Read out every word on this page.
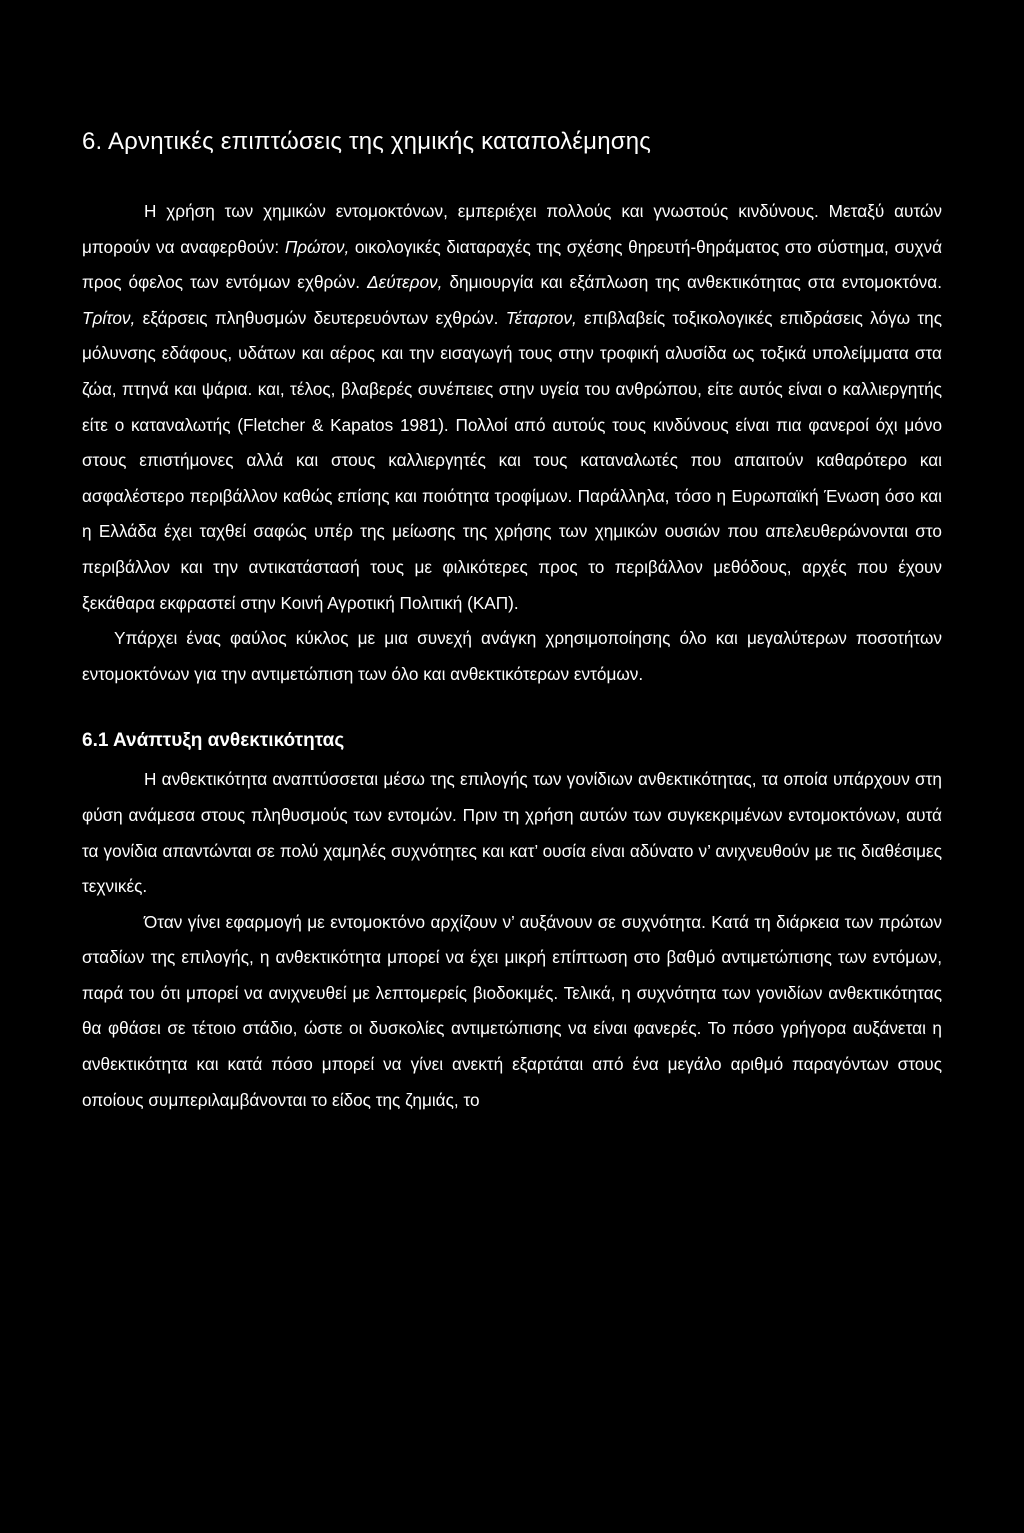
6. Αρνητικές επιπτώσεις της χημικής καταπολέμησης

Η χρήση των χημικών εντομοκτόνων, εμπεριέχει πολλούς και γνωστούς κινδύνους. Μεταξύ αυτών μπορούν να αναφερθούν: Πρώτον, οικολογικές διαταραχές της σχέσης θηρευτή-θηράματος στο σύστημα, συχνά προς όφελος των εντόμων εχθρών. Δεύτερον, δημιουργία και εξάπλωση της ανθεκτικότητας στα εντομοκτόνα. Τρίτον, εξάρσεις πληθυσμών δευτερευόντων εχθρών. Τέταρτον, επιβλαβείς τοξικολογικές επιδράσεις λόγω της μόλυνσης εδάφους, υδάτων και αέρος και την εισαγωγή τους στην τροφική αλυσίδα ως τοξικά υπολείμματα στα ζώα, πτηνά και ψάρια. και, τέλος, βλαβερές συνέπειες στην υγεία του ανθρώπου, είτε αυτός είναι ο καλλιεργητής είτε ο καταναλωτής (Fletcher & Kapatos 1981). Πολλοί από αυτούς τους κινδύνους είναι πια φανεροί όχι μόνο στους επιστήμονες αλλά και στους καλλιεργητές και τους καταναλωτές που απαιτούν καθαρότερο και ασφαλέστερο περιβάλλον καθώς επίσης και ποιότητα τροφίμων. Παράλληλα, τόσο η Ευρωπαϊκή Ένωση όσο και η Ελλάδα έχει ταχθεί σαφώς υπέρ της μείωσης της χρήσης των χημικών ουσιών που απελευθερώνονται στο περιβάλλον και την αντικατάστασή τους με φιλικότερες προς το περιβάλλον μεθόδους, αρχές που έχουν ξεκάθαρα εκφραστεί στην Κοινή Αγροτική Πολιτική (ΚΑΠ).

Υπάρχει ένας φαύλος κύκλος με μια συνεχή ανάγκη χρησιμοποίησης όλο και μεγαλύτερων ποσοτήτων εντομοκτόνων για την αντιμετώπιση των όλο και ανθεκτικότερων εντόμων.

6.1 Ανάπτυξη ανθεκτικότητας

Η ανθεκτικότητα αναπτύσσεται μέσω της επιλογής των γονίδιων ανθεκτικότητας, τα οποία υπάρχουν στη φύση ανάμεσα στους πληθυσμούς των εντομών. Πριν τη χρήση αυτών των συγκεκριμένων εντομοκτόνων, αυτά τα γονίδια απαντώνται σε πολύ χαμηλές συχνότητες και κατ’ ουσία είναι αδύνατο ν’ ανιχνευθούν με τις διαθέσιμες τεχνικές.

Όταν γίνει εφαρμογή με εντομοκτόνο αρχίζουν ν’ αυξάνουν σε συχνότητα. Κατά τη διάρκεια των πρώτων σταδίων της επιλογής, η ανθεκτικότητα μπορεί να έχει μικρή επίπτωση στο βαθμό αντιμετώπισης των εντόμων, παρά του ότι μπορεί να ανιχνευθεί με λεπτομερείς βιοδοκιμές. Τελικά, η συχνότητα των γονιδίων ανθεκτικότητας θα φθάσει σε τέτοιο στάδιο, ώστε οι δυσκολίες αντιμετώπισης να είναι φανερές. Το πόσο γρήγορα αυξάνεται η ανθεκτικότητα και κατά πόσο μπορεί να γίνει ανεκτή εξαρτάται από ένα μεγάλο αριθμό παραγόντων στους οποίους συμπεριλαμβάνονται το είδος της ζημιάς, το
